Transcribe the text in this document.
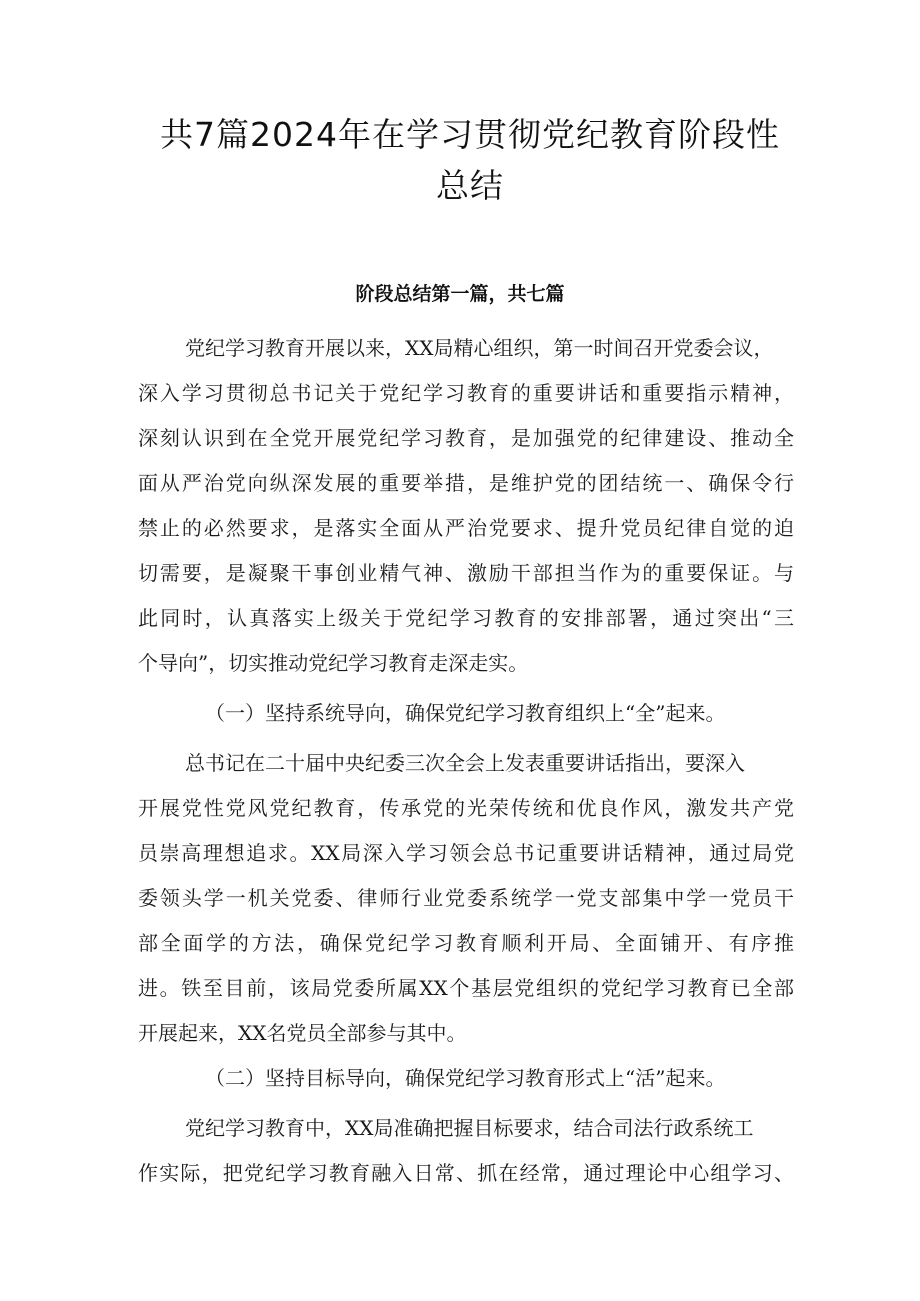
共7篇2024年在学习贯彻党纪教育阶段性
总结
阶段总结第一篇，共七篇
党纪学习教育开展以来，XX局精心组织，第一时间召开党委会议，
深入学习贯彻总书记关于党纪学习教育的重要讲话和重要指示精神，
深刻认识到在全党开展党纪学习教育，是加强党的纪律建设、推动全
面从严治党向纵深发展的重要举措，是维护党的团结统一、确保令行
禁止的必然要求，是落实全面从严治党要求、提升党员纪律自觉的迫
切需要，是凝聚干事创业精气神、激励干部担当作为的重要保证。与
此同时，认真落实上级关于党纪学习教育的安排部署，通过突出“三
个导向”，切实推动党纪学习教育走深走实。
（一）坚持系统导向，确保党纪学习教育组织上“全”起来。
总书记在二十届中央纪委三次全会上发表重要讲话指出，要深入
开展党性党风党纪教育，传承党的光荣传统和优良作风，激发共产党
员崇高理想追求。XX局深入学习领会总书记重要讲话精神，通过局党
委领头学一机关党委、律师行业党委系统学一党支部集中学一党员干
部全面学的方法，确保党纪学习教育顺利开局、全面铺开、有序推
进。铁至目前，该局党委所属XX个基层党组织的党纪学习教育已全部
开展起来，XX名党员全部参与其中。
（二）坚持目标导向，确保党纪学习教育形式上“活”起来。
党纪学习教育中，XX局准确把握目标要求，结合司法行政系统工
作实际，把党纪学习教育融入日常、抓在经常，通过理论中心组学习、
